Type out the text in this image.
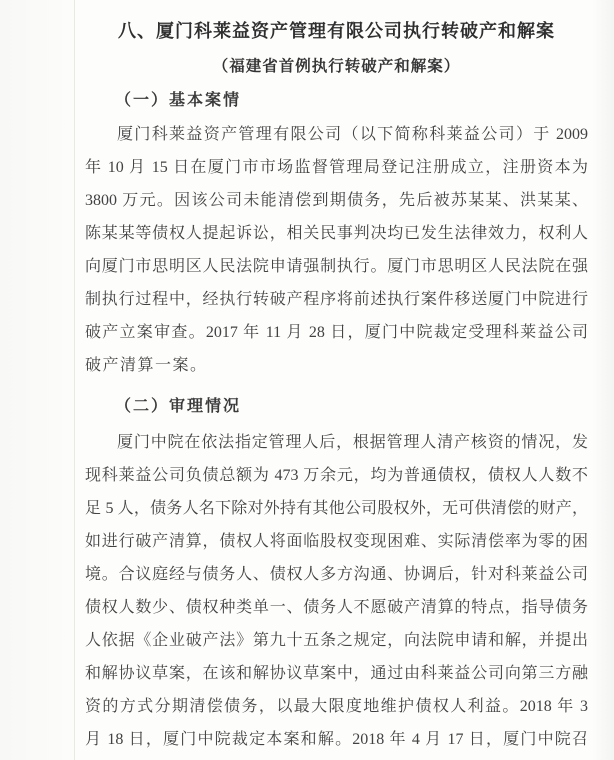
八、厦门科莱益资产管理有限公司执行转破产和解案
（福建省首例执行转破产和解案）
（一）基本案情
厦门科莱益资产管理有限公司（以下简称科莱益公司）于 2009
年 10 月 15 日在厦门市市场监督管理局登记注册成立，注册资本为
3800 万元。因该公司未能清偿到期债务，先后被苏某某、洪某某、
陈某某等债权人提起诉讼，相关民事判决均已发生法律效力，权利人
向厦门市思明区人民法院申请强制执行。厦门市思明区人民法院在强
制执行过程中，经执行转破产程序将前述执行案件移送厦门中院进行
破产立案审查。2017 年 11 月 28 日，厦门中院裁定受理科莱益公司
破产清算一案。
（二）审理情况
厦门中院在依法指定管理人后，根据管理人清产核资的情况，发
现科莱益公司负债总额为 473 万余元，均为普通债权，债权人人数不
足 5 人，债务人名下除对外持有其他公司股权外，无可供清偿的财产，
如进行破产清算，债权人将面临股权变现困难、实际清偿率为零的困
境。合议庭经与债务人、债权人多方沟通、协调后，针对科莱益公司
债权人数少、债权种类单一、债务人不愿破产清算的特点，指导债务
人依据《企业破产法》第九十五条之规定，向法院申请和解，并提出
和解协议草案，在该和解协议草案中，通过由科莱益公司向第三方融
资的方式分期清偿债务，以最大限度地维护债权人利益。2018 年 3
月 18 日，厦门中院裁定本案和解。2018 年 4 月 17 日，厦门中院召
